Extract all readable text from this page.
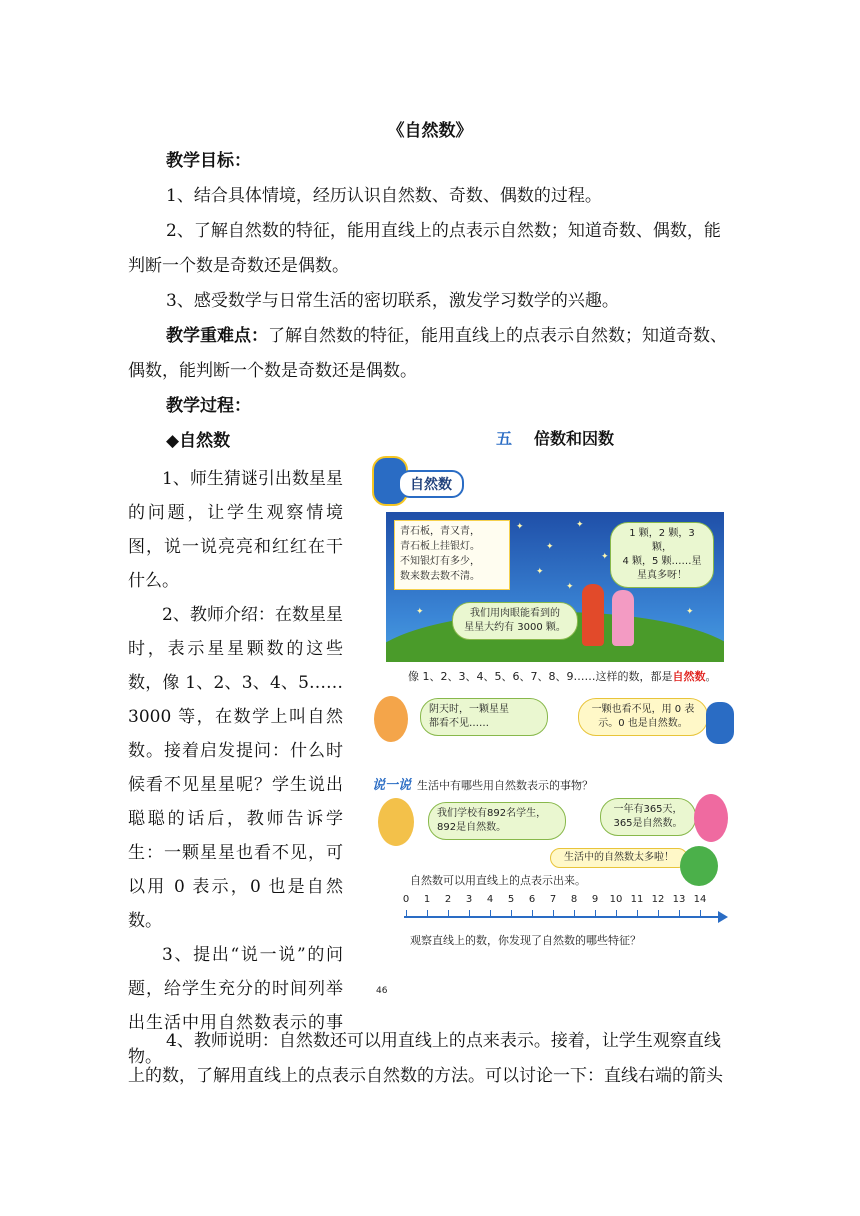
《自然数》
教学目标：
1、结合具体情境，经历认识自然数、奇数、偶数的过程。
2、了解自然数的特征，能用直线上的点表示自然数；知道奇数、偶数，能
判断一个数是奇数还是偶数。
3、感受数学与日常生活的密切联系，激发学习数学的兴趣。
教学重难点：了解自然数的特征，能用直线上的点表示自然数；知道奇数、
偶数，能判断一个数是奇数还是偶数。
教学过程：
◆自然数

1、师生猜谜引出数星星的问题，让学生观察情境图，说一说亮亮和红红在干什么。

2、教师介绍：在数星星时，表示星星颗数的这些数，像 1、2、3、4、5……3000 等，在数学上叫自然数。接着启发提问：什么时候看不见星星呢？学生说出聪聪的话后，教师告诉学生：一颗星星也看不见，可以用 0 表示，0 也是自然数。

3、提出“说一说”的问题，给学生充分的时间列举出生活中用自然数表示的事物。

4、教师说明：自然数还可以用直线上的点来表示。接着，让学生观察直线
上的数，了解用直线上的点表示自然数的方法。可以讨论一下：直线右端的箭头
五 倍数和因数
自然数
✦
✦
✦
✦
✦
✦
✦	✦
青石板，青又青，
青石板上挂银灯。
不知银灯有多少，
数来数去数不清。
1 颗，2 颗，3 颗，
4 颗，5 颗……星
星真多呀！
我们用肉眼能看到的
星星大约有 3000 颗。
像 1、2、3、4、5、6、7、8、9……这样的数，都是自然数。
阴天时，一颗星星
都看不见……
一颗也看不见，用 0 表
示。0 也是自然数。
说一说 生活中有哪些用自然数表示的事物？
我们学校有892名学生，
892是自然数。
一年有365天，
365是自然数。
生活中的自然数太多啦！
自然数可以用直线上的点表示出来。
0	1	2	3	4	5	6	7	8	9	10 11 12 13 14
观察直线上的数，你发现了自然数的哪些特征？
46
